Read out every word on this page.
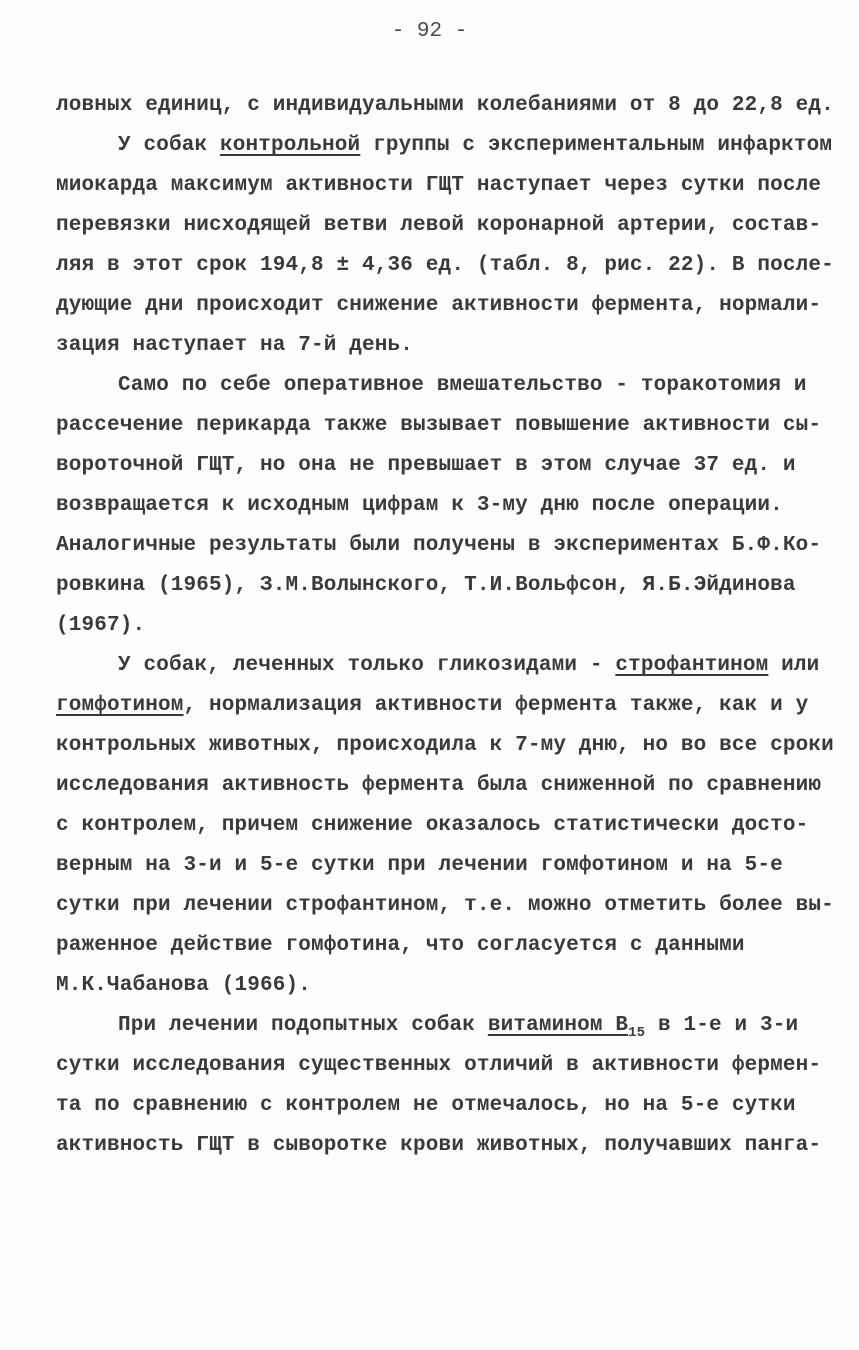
- 92 -
ловных единиц, с индивидуальными колебаниями от 8 до 22,8 ед.
У собак контрольной группы с экспериментальным инфарктом
миокарда максимум активности ГЩТ наступает через сутки после
перевязки нисходящей ветви левой коронарной артерии, состав-
ляя в этот срок 194,8 ± 4,36 ед. (табл. 8, рис. 22). В после-
дующие дни происходит снижение активности фермента, нормали-
зация наступает на 7-й день.
Само по себе оперативное вмешательство - торакотомия и
рассечение перикарда также вызывает повышение активности сы-
вороточной ГЩТ, но она не превышает в этом случае 37 ед. и
возвращается к исходным цифрам к 3-му дню после операции.
Аналогичные результаты были получены в экспериментах Б.Ф.Ко-
ровкина (1965), З.М.Волынского, Т.И.Вольфсон, Я.Б.Эйдинова
(1967).
У собак, леченных только гликозидами - строфантином или
гомфотином, нормализация активности фермента также, как и у
контрольных животных, происходила к 7-му дню, но во все сроки
исследования активность фермента была сниженной по сравнению
с контролем, причем снижение оказалось статистически досто-
верным на 3-и и 5-е сутки при лечении гомфотином и на 5-е
сутки при лечении строфантином, т.е. можно отметить более вы-
раженное действие гомфотина, что согласуется с данными
М.К.Чабанова (1966).
При лечении подопытных собак витамином $B_{15}$ в 1-е и 3-и
сутки исследования существенных отличий в активности фермен-
та по сравнению с контролем не отмечалось, но на 5-е сутки
активность ГЩТ в сыворотке крови животных, получавших панга-
